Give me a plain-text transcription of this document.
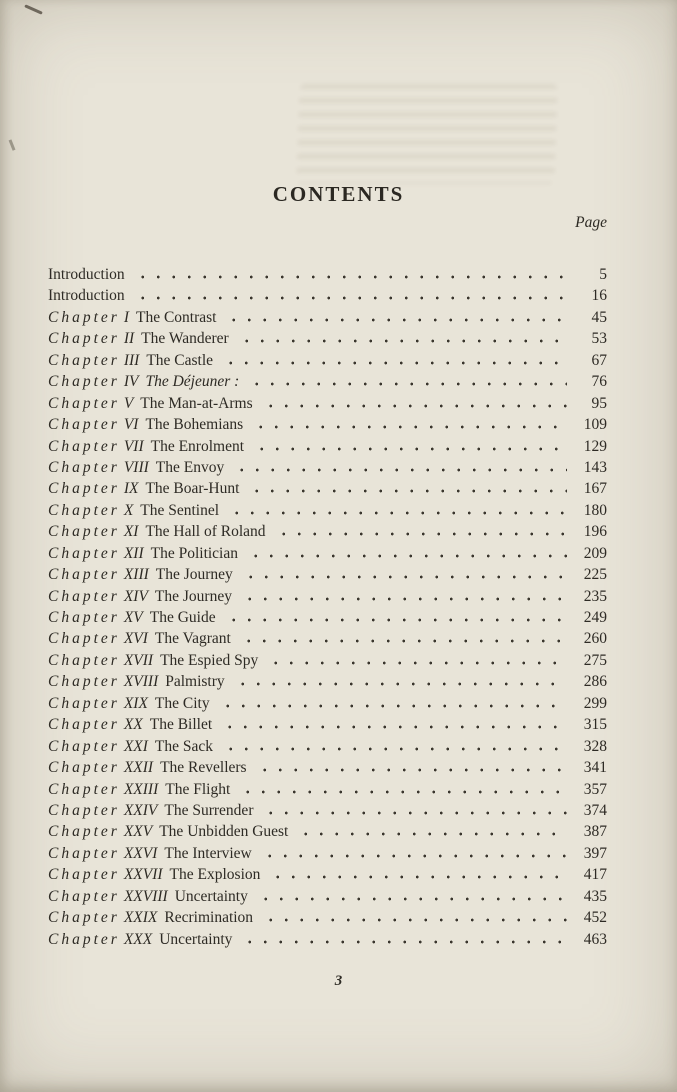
CONTENTS
Page
Introduction	5
Introduction	16
Chapter I The Contrast	45
Chapter II The Wanderer	53
Chapter III The Castle	67
Chapter IV The Déjeuner :	76
Chapter V The Man-at-Arms	95
Chapter VI The Bohemians	109
Chapter VII The Enrolment	129
Chapter VIII The Envoy	143
Chapter IX The Boar-Hunt	167
Chapter X The Sentinel	180
Chapter XI The Hall of Roland	196
Chapter XII The Politician	209
Chapter XIII The Journey	225
Chapter XIV The Journey	235
Chapter XV The Guide	249
Chapter XVI The Vagrant	260
Chapter XVII The Espied Spy	275
Chapter XVIII Palmistry	286
Chapter XIX The City	299
Chapter XX The Billet	315
Chapter XXI The Sack	328
Chapter XXII The Revellers	341
Chapter XXIII The Flight	357
Chapter XXIV The Surrender	374
Chapter XXV The Unbidden Guest	387
Chapter XXVI The Interview	397
Chapter XXVII The Explosion	417
Chapter XXVIII Uncertainty	435
Chapter XXIX Recrimination	452
Chapter XXX Uncertainty	463
3
